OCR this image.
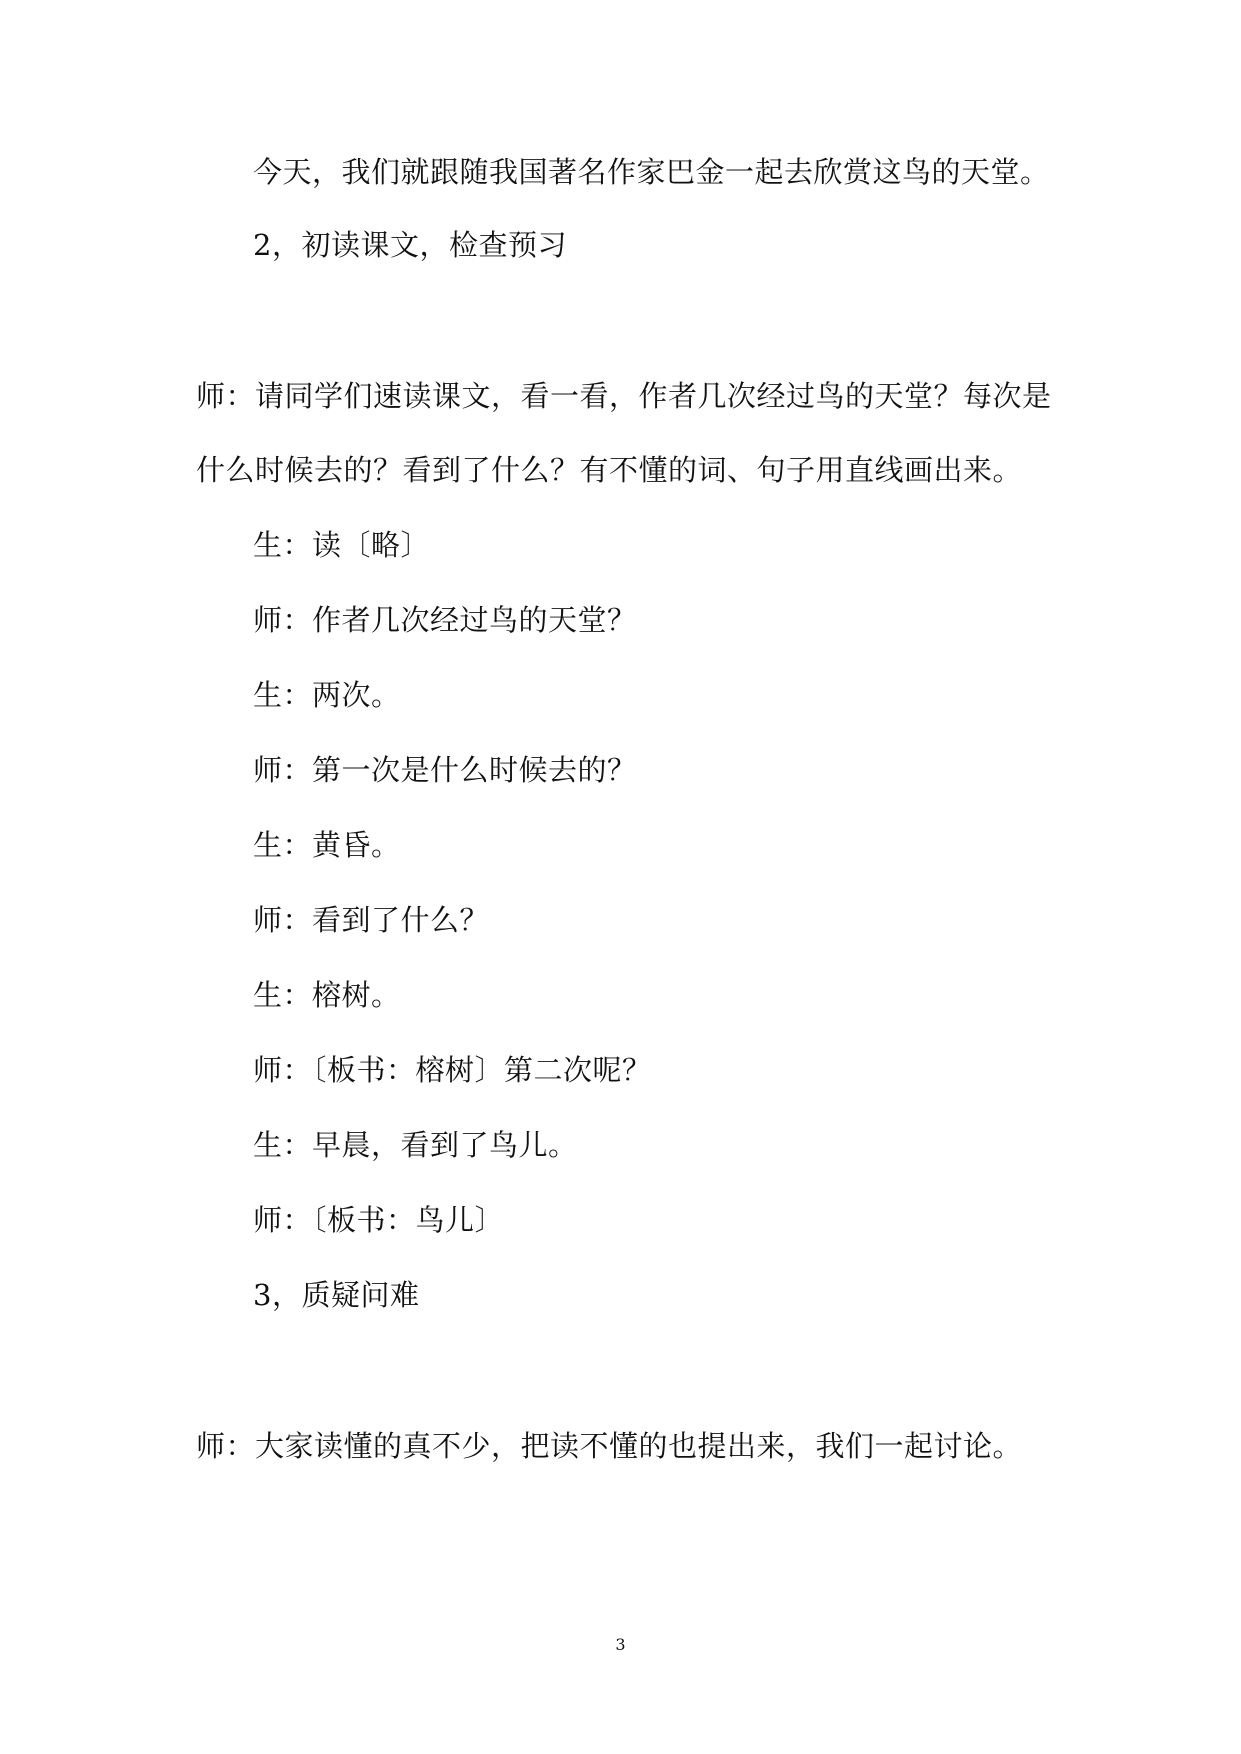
今天，我们就跟随我国著名作家巴金一起去欣赏这鸟的天堂。
2，初读课文，检查预习
师：请同学们速读课文，看一看，作者几次经过鸟的天堂？每次是
什么时候去的？看到了什么？有不懂的词、句子用直线画出来。
生：读〔略〕
师：作者几次经过鸟的天堂？
生：两次。
师：第一次是什么时候去的？
生：黄昏。
师：看到了什么？
生：榕树。
师：〔板书：榕树〕第二次呢？
生：早晨，看到了鸟儿。
师：〔板书：鸟儿〕
3，质疑问难
师：大家读懂的真不少，把读不懂的也提出来，我们一起讨论。
3
